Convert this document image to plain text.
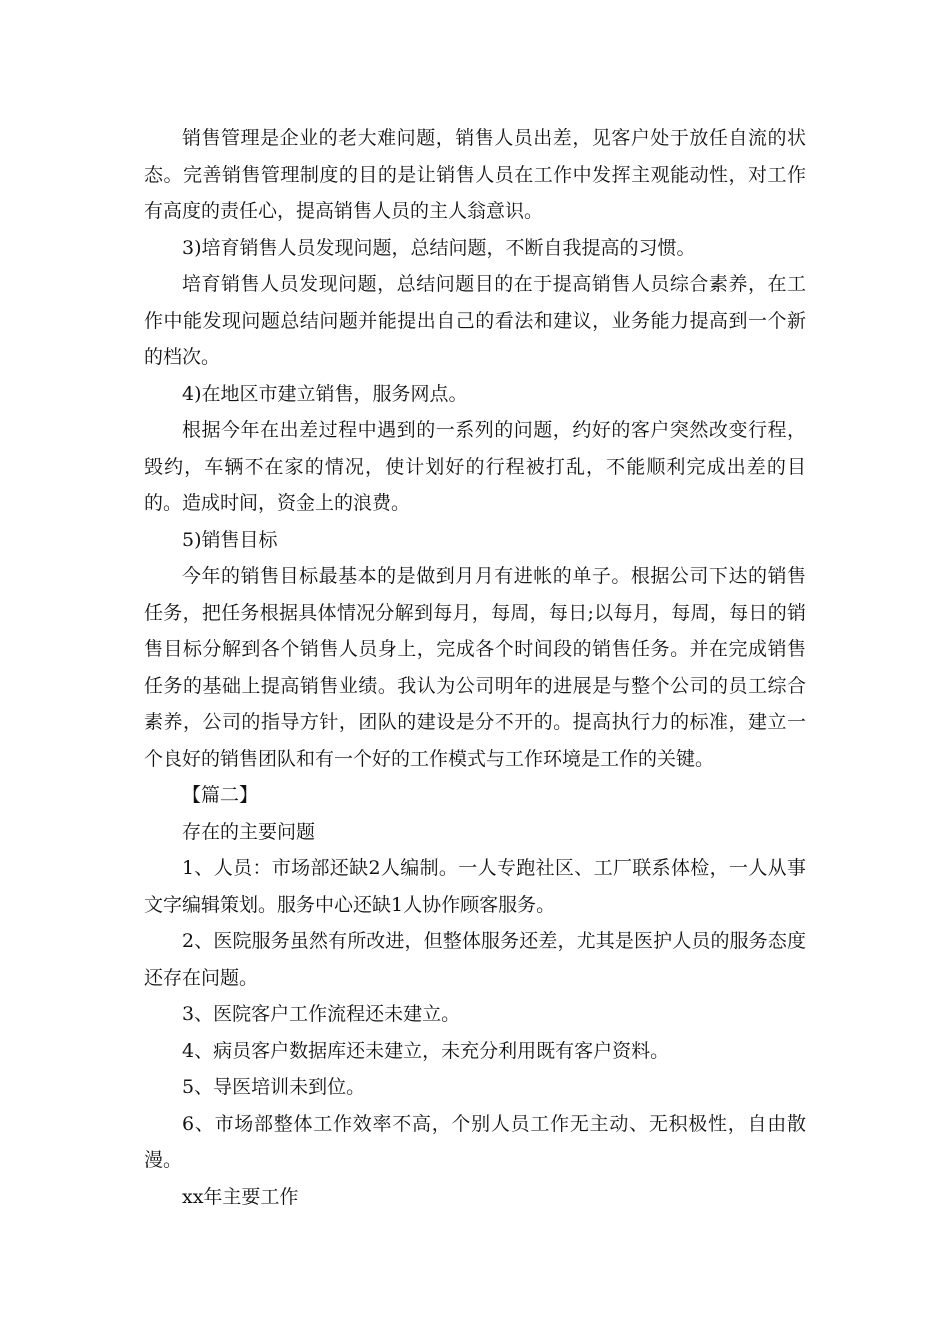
销售管理是企业的老大难问题，销售人员出差，见客户处于放任自流的状态。完善销售管理制度的目的是让销售人员在工作中发挥主观能动性，对工作有高度的责任心，提高销售人员的主人翁意识。

3)培育销售人员发现问题，总结问题，不断自我提高的习惯。

培育销售人员发现问题，总结问题目的在于提高销售人员综合素养，在工作中能发现问题总结问题并能提出自己的看法和建议，业务能力提高到一个新的档次。

4)在地区市建立销售，服务网点。

根据今年在出差过程中遇到的一系列的问题，约好的客户突然改变行程，毁约，车辆不在家的情况，使计划好的行程被打乱，不能顺利完成出差的目的。造成时间，资金上的浪费。

5)销售目标

今年的销售目标最基本的是做到月月有进帐的单子。根据公司下达的销售任务，把任务根据具体情况分解到每月，每周，每日;以每月，每周，每日的销售目标分解到各个销售人员身上，完成各个时间段的销售任务。并在完成销售任务的基础上提高销售业绩。我认为公司明年的进展是与整个公司的员工综合素养，公司的指导方针，团队的建设是分不开的。提高执行力的标准，建立一个良好的销售团队和有一个好的工作模式与工作环境是工作的关键。

【篇二】

存在的主要问题

1、人员：市场部还缺2人编制。一人专跑社区、工厂联系体检，一人从事文字编辑策划。服务中心还缺1人协作顾客服务。

2、医院服务虽然有所改进，但整体服务还差，尤其是医护人员的服务态度还存在问题。

3、医院客户工作流程还未建立。

4、病员客户数据库还未建立，未充分利用既有客户资料。

5、导医培训未到位。

6、市场部整体工作效率不高，个别人员工作无主动、无积极性，自由散漫。

xx年主要工作
